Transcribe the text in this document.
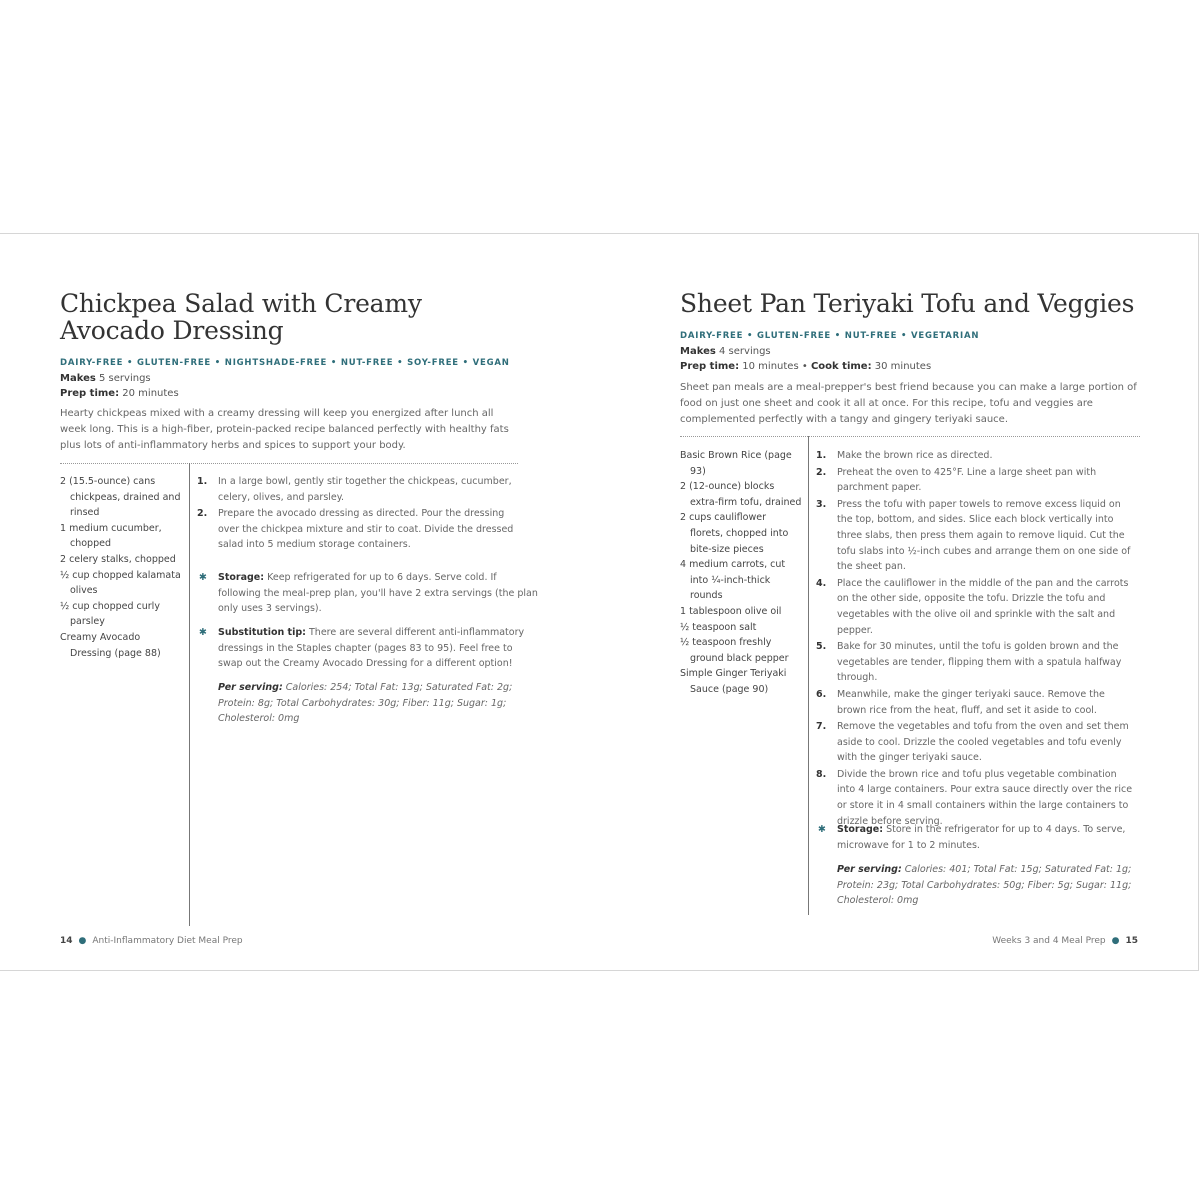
Chickpea Salad with Creamy
Avocado Dressing
DAIRY-FREE • GLUTEN-FREE • NIGHTSHADE-FREE • NUT-FREE • SOY-FREE • VEGAN
Makes 5 servings
Prep time: 20 minutes

Hearty chickpeas mixed with a creamy dressing will keep you energized after lunch all week long. This is a high-fiber, protein-packed recipe balanced perfectly with healthy fats plus lots of anti-inflammatory herbs and spices to support your body.

2 (15.5-ounce) cans chickpeas, drained and rinsed
1 medium cucumber, chopped
2 celery stalks, chopped
½ cup chopped kalamata olives
½ cup chopped curly parsley
Creamy Avocado Dressing (page 88)
1. In a large bowl, gently stir together the chickpeas, cucumber, celery, olives, and parsley.
2. Prepare the avocado dressing as directed. Pour the dressing over the chickpea mixture and stir to coat. Divide the dressed salad into 5 medium storage containers.
✱ Storage: Keep refrigerated for up to 6 days. Serve cold. If following the meal-prep plan, you'll have 2 extra servings (the plan only uses 3 servings).
✱ Substitution tip: There are several different anti-inflammatory dressings in the Staples chapter (pages 83 to 95). Feel free to swap out the Creamy Avocado Dressing for a different option!
Per serving: Calories: 254; Total Fat: 13g; Saturated Fat: 2g; Protein: 8g; Total Carbohydrates: 30g; Fiber: 11g; Sugar: 1g; Cholesterol: 0mg
14 ● Anti-Inflammatory Diet Meal Prep
Sheet Pan Teriyaki Tofu and Veggies
DAIRY-FREE • GLUTEN-FREE • NUT-FREE • VEGETARIAN
Makes 4 servings
Prep time: 10 minutes • Cook time: 30 minutes

Sheet pan meals are a meal-prepper's best friend because you can make a large portion of food on just one sheet and cook it all at once. For this recipe, tofu and veggies are complemented perfectly with a tangy and gingery teriyaki sauce.

Basic Brown Rice (page 93)
2 (12-ounce) blocks extra-firm tofu, drained
2 cups cauliflower florets, chopped into bite-size pieces
4 medium carrots, cut into ¼-inch-thick rounds
1 tablespoon olive oil
½ teaspoon salt
½ teaspoon freshly ground black pepper
Simple Ginger Teriyaki Sauce (page 90)
1. Make the brown rice as directed.
2. Preheat the oven to 425°F. Line a large sheet pan with parchment paper.
3. Press the tofu with paper towels to remove excess liquid on the top, bottom, and sides. Slice each block vertically into three slabs, then press them again to remove liquid. Cut the tofu slabs into ½-inch cubes and arrange them on one side of the sheet pan.
4. Place the cauliflower in the middle of the pan and the carrots on the other side, opposite the tofu. Drizzle the tofu and vegetables with the olive oil and sprinkle with the salt and pepper.
5. Bake for 30 minutes, until the tofu is golden brown and the vegetables are tender, flipping them with a spatula halfway through.
6. Meanwhile, make the ginger teriyaki sauce. Remove the brown rice from the heat, fluff, and set it aside to cool.
7. Remove the vegetables and tofu from the oven and set them aside to cool. Drizzle the cooled vegetables and tofu evenly with the ginger teriyaki sauce.
8. Divide the brown rice and tofu plus vegetable combination into 4 large containers. Pour extra sauce directly over the rice or store it in 4 small containers within the large containers to drizzle before serving.
✱ Storage: Store in the refrigerator for up to 4 days. To serve, microwave for 1 to 2 minutes.
Per serving: Calories: 401; Total Fat: 15g; Saturated Fat: 1g; Protein: 23g; Total Carbohydrates: 50g; Fiber: 5g; Sugar: 11g; Cholesterol: 0mg
Weeks 3 and 4 Meal Prep ● 15
